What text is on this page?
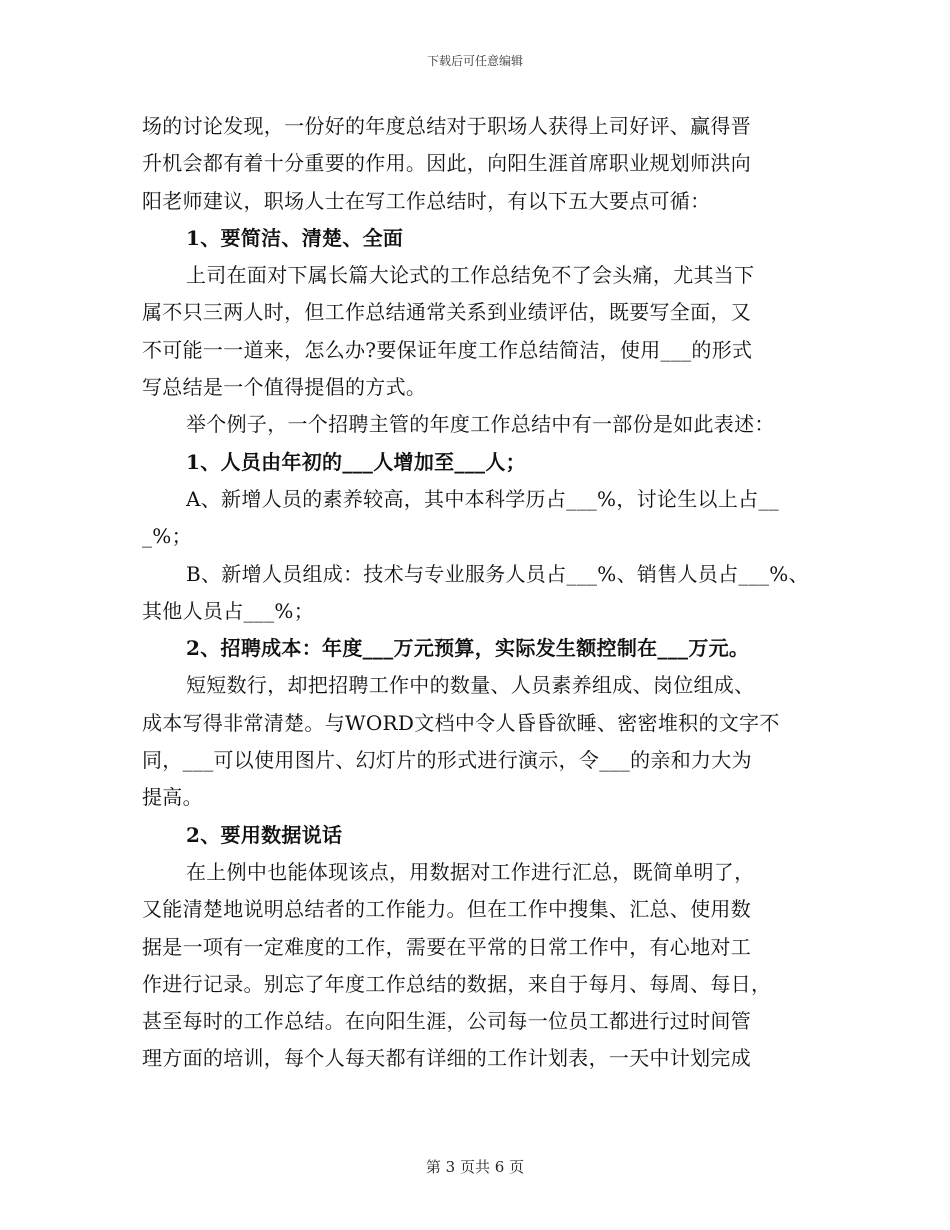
下载后可任意编辑
场的讨论发现，一份好的年度总结对于职场人获得上司好评、赢得晋
升机会都有着十分重要的作用。因此，向阳生涯首席职业规划师洪向
阳老师建议，职场人士在写工作总结时，有以下五大要点可循：
1、要简洁、清楚、全面
上司在面对下属长篇大论式的工作总结免不了会头痛，尤其当下
属不只三两人时，但工作总结通常关系到业绩评估，既要写全面，又
不可能一一道来，怎么办?要保证年度工作总结简洁，使用___的形式
写总结是一个值得提倡的方式。
举个例子，一个招聘主管的年度工作总结中有一部份是如此表述：
1、人员由年初的___人增加至___人；
A、新增人员的素养较高，其中本科学历占___%，讨论生以上占__
_%；
B、新增人员组成：技术与专业服务人员占___%、销售人员占___%、
其他人员占___%；
2、招聘成本：年度___万元预算，实际发生额控制在___万元。
短短数行，却把招聘工作中的数量、人员素养组成、岗位组成、
成本写得非常清楚。与WORD文档中令人昏昏欲睡、密密堆积的文字不
同，___可以使用图片、幻灯片的形式进行演示，令___的亲和力大为
提高。
2、要用数据说话
在上例中也能体现该点，用数据对工作进行汇总，既简单明了，
又能清楚地说明总结者的工作能力。但在工作中搜集、汇总、使用数
据是一项有一定难度的工作，需要在平常的日常工作中，有心地对工
作进行记录。别忘了年度工作总结的数据，来自于每月、每周、每日，
甚至每时的工作总结。在向阳生涯，公司每一位员工都进行过时间管
理方面的培训，每个人每天都有详细的工作计划表，一天中计划完成
第 3 页共 6 页
